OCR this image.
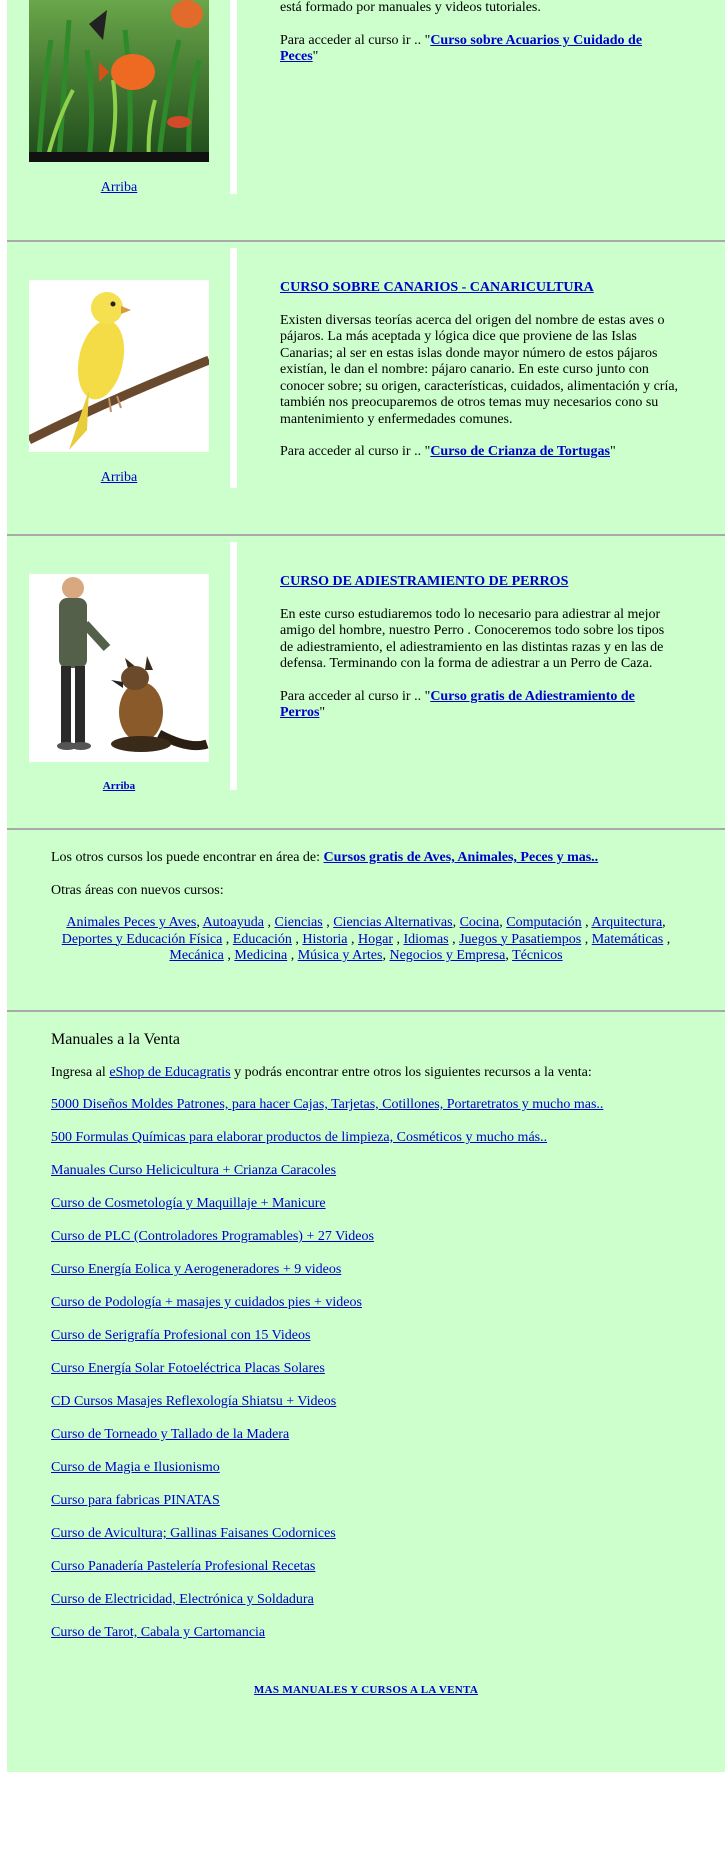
Arriba

está formado por manuales y videos tutoriales.

Para acceder al curso ir .. "Curso sobre Acuarios y Cuidado de Peces"

Arriba
CURSO SOBRE CANARIOS - CANARICULTURA

Existen diversas teorías acerca del origen del nombre de estas aves o pájaros. La más aceptada y lógica dice que proviene de las Islas Canarias; al ser en estas islas donde mayor número de estos pájaros existían, le dan el nombre: pájaro canario. En este curso junto con conocer sobre; su origen, características, cuidados, alimentación y cría, también nos preocuparemos de otros temas muy necesarios cono su mantenimiento y enfermedades comunes.

Para acceder al curso ir .. "Curso de Crianza de Tortugas"

Arriba
CURSO DE ADIESTRAMIENTO DE PERROS

En este curso estudiaremos todo lo necesario para adiestrar al mejor amigo del hombre, nuestro Perro . Conoceremos todo sobre los tipos de adiestramiento, el adiestramiento en las distintas razas y en las de defensa. Terminando con la forma de adiestrar a un Perro de Caza.

Para acceder al curso ir .. "Curso gratis de Adiestramiento de Perros"

Los otros cursos los puede encontrar en área de: Cursos gratis de Aves, Animales, Peces y mas..

Otras áreas con nuevos cursos:

Animales Peces y Aves, Autoayuda , Ciencias , Ciencias Alternativas, Cocina, Computación , Arquitectura, Deportes y Educación Física , Educación , Historia , Hogar , Idiomas , Juegos y Pasatiempos , Matemáticas , Mecánica , Medicina , Música y Artes, Negocios y Empresa, Técnicos
Manuales a la Venta

Ingresa al eShop de Educagratis y podrás encontrar entre otros los siguientes recursos a la venta:

5000 Diseños Moldes Patrones, para hacer Cajas, Tarjetas, Cotillones, Portaretratos y mucho mas..
500 Formulas Químicas para elaborar productos de limpieza, Cosméticos y mucho más..
Manuales Curso Helicicultura + Crianza Caracoles
Curso de Cosmetología y Maquillaje + Manicure
Curso de PLC (Controladores Programables) + 27 Videos
Curso Energía Eolica y Aerogeneradores + 9 videos
Curso de Podología + masajes y cuidados pies + videos
Curso de Serigrafía Profesional con 15 Videos
Curso Energía Solar Fotoeléctrica Placas Solares
CD Cursos Masajes Reflexología Shiatsu + Videos
Curso de Torneado y Tallado de la Madera
Curso de Magia e Ilusionismo
Curso para fabricas PINATAS
Curso de Avicultura; Gallinas Faisanes Codornices
Curso Panadería Pastelería Profesional Recetas
Curso de Electricidad, Electrónica y Soldadura
Curso de Tarot, Cabala y Cartomancia
MAS MANUALES Y CURSOS A LA VENTA
